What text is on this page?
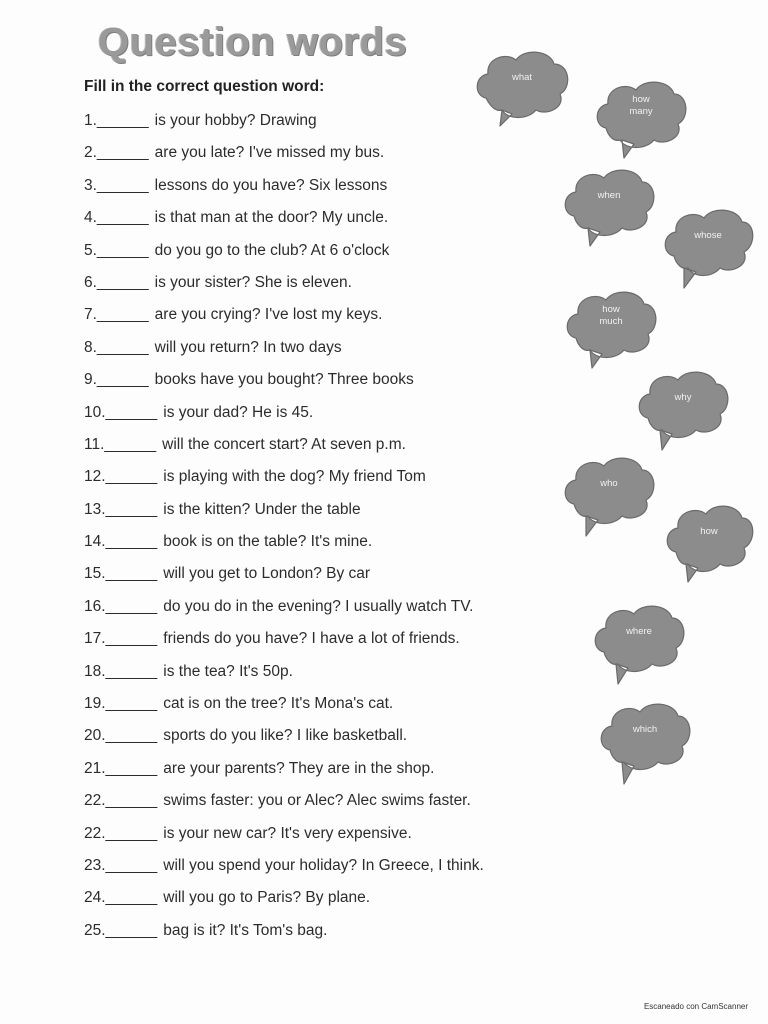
Question words
Fill in the correct question word:
1.______ is your hobby? Drawing
2.______ are you late? I've missed my bus.
3.______ lessons do you have? Six lessons
4.______ is that man at the door? My uncle.
5.______ do you go to the club? At 6 o'clock
6.______ is your sister? She is eleven.
7.______ are you crying? I've lost my keys.
8.______ will you return? In two days
9.______ books have you bought? Three books
10.______ is your dad? He is 45.
11.______ will the concert start? At seven p.m.
12.______ is playing with the dog? My friend Tom
13.______ is the kitten? Under the table
14.______ book is on the table? It's mine.
15.______ will you get to London? By car
16.______ do you do in the evening? I usually watch TV.
17.______ friends do you have? I have a lot of friends.
18.______ is the tea? It's 50p.
19.______ cat is on the tree? It's Mona's cat.
20.______ sports do you like? I like basketball.
21.______ are your parents? They are in the shop.
22.______ swims faster: you or Alec? Alec swims faster.
22.______ is your new car? It's very expensive.
23.______ will you spend your holiday? In Greece, I think.
24.______ will you go to Paris? By plane.
25.______ bag is it? It's Tom's bag.
what
how
many
when
whose
how
much
why
who
how
where
which
Escaneado con CamScanner
